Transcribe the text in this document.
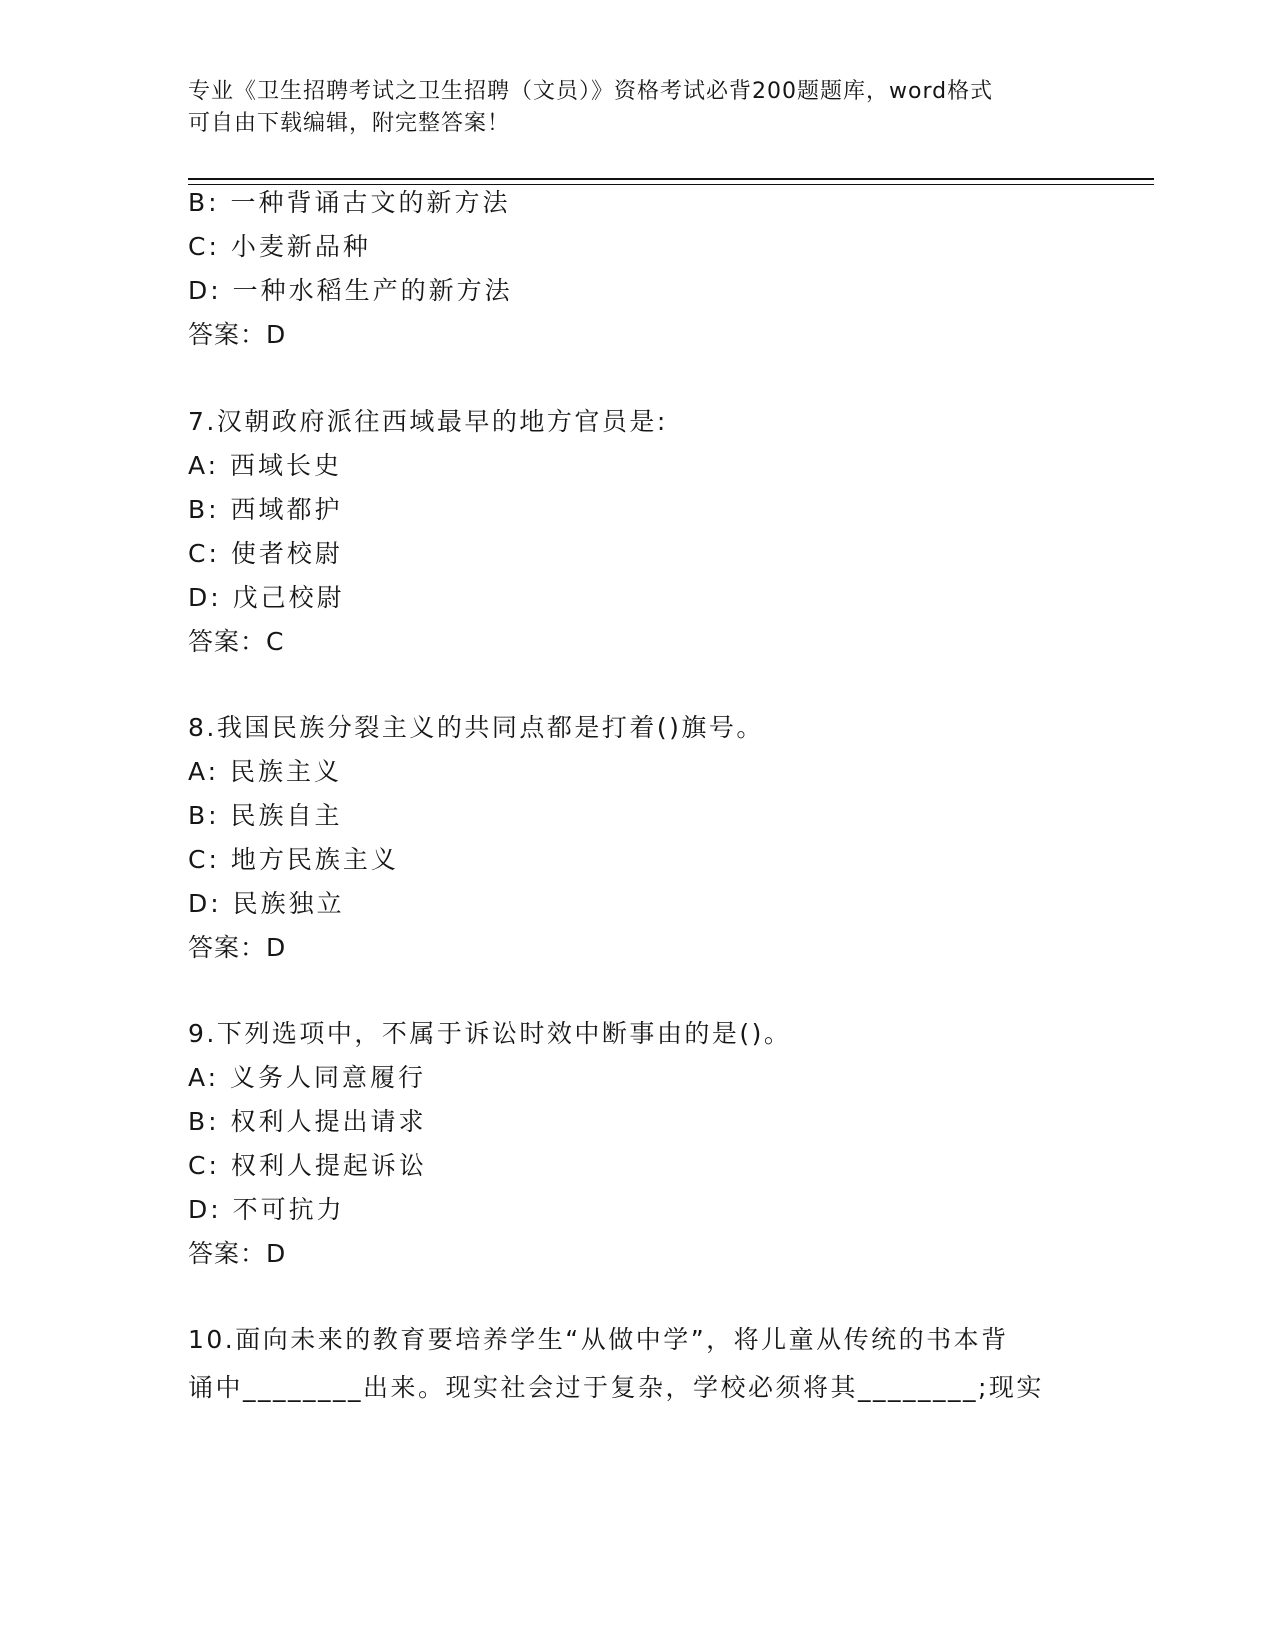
专业《卫生招聘考试之卫生招聘（文员）》资格考试必背200题题库，word格式
可自由下载编辑，附完整答案！
B: 一种背诵古文的新方法
C: 小麦新品种
D: 一种水稻生产的新方法
答案：D
7.汉朝政府派往西域最早的地方官员是:
A: 西域长史
B: 西域都护
C: 使者校尉
D: 戊己校尉
答案：C
8.我国民族分裂主义的共同点都是打着()旗号。
A: 民族主义
B: 民族自主
C: 地方民族主义
D: 民族独立
答案：D
9.下列选项中，不属于诉讼时效中断事由的是()。
A: 义务人同意履行
B: 权利人提出请求
C: 权利人提起诉讼
D: 不可抗力
答案：D
10.面向未来的教育要培养学生“从做中学”，将儿童从传统的书本背
诵中________出来。现实社会过于复杂，学校必须将其________;现实
